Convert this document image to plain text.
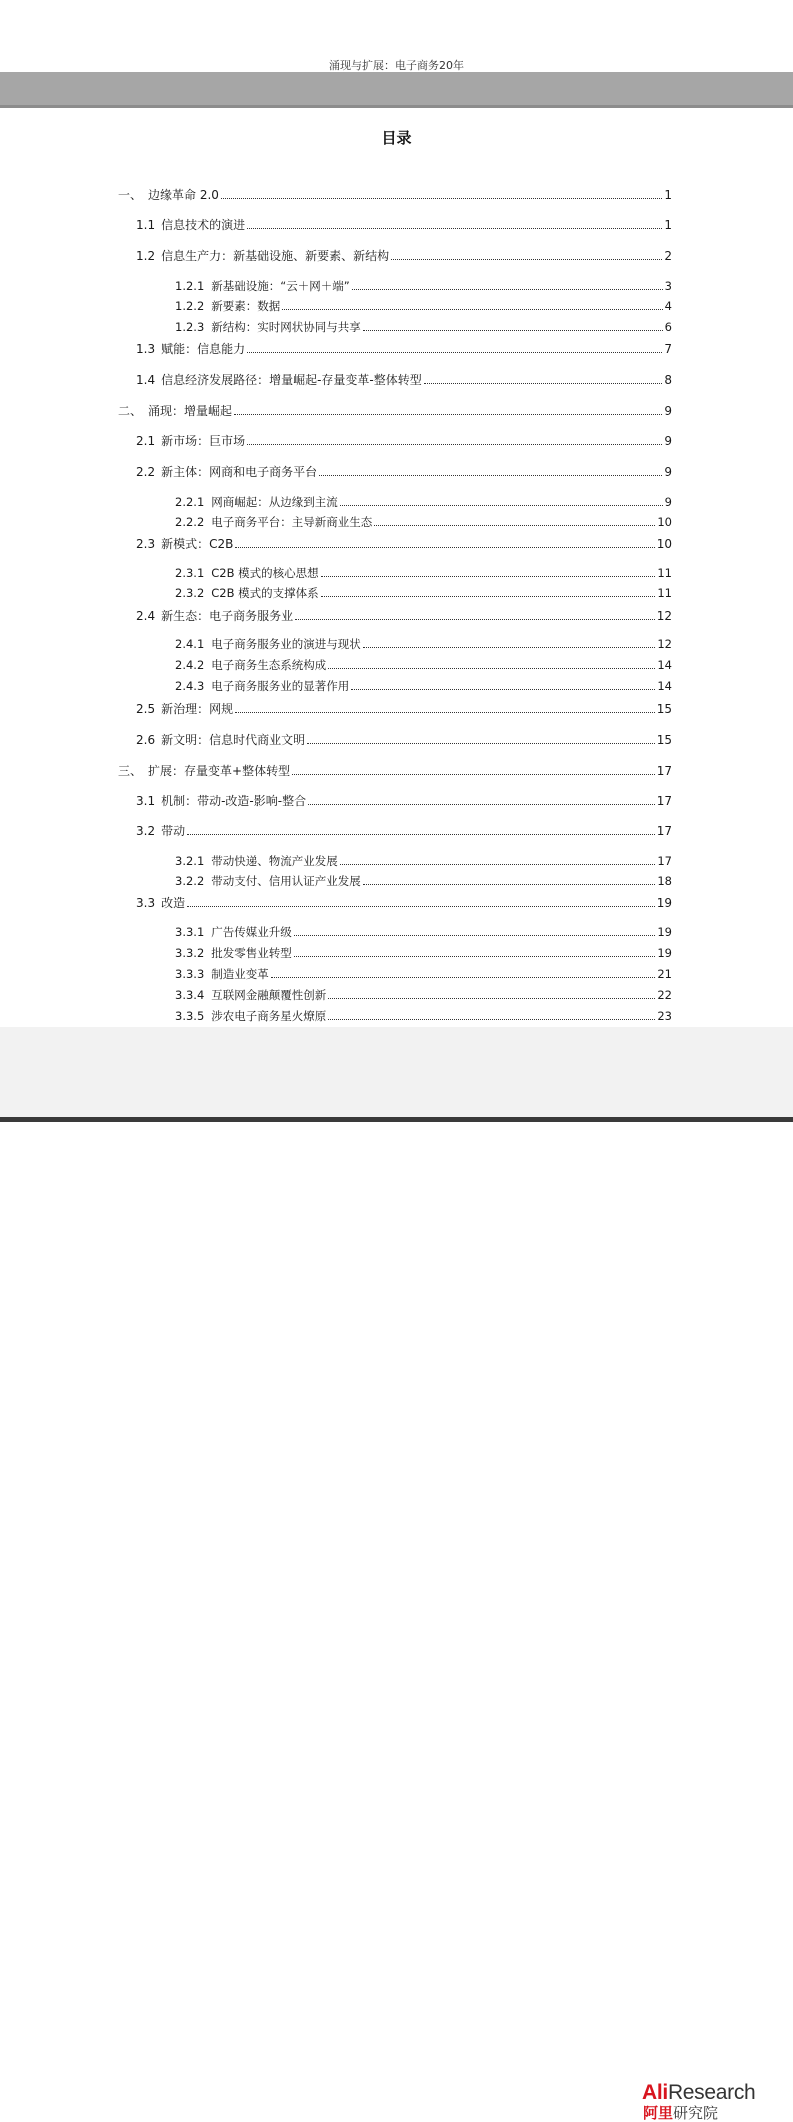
涌现与扩展：电子商务20年
目录
一、 边缘革命 2.0	1
1.1 信息技术的演进	1
1.2 信息生产力：新基础设施、新要素、新结构	2
1.2.1 新基础设施：“云＋网＋端”	3
1.2.2 新要素：数据	4
1.2.3 新结构：实时网状协同与共享	6
1.3 赋能：信息能力	7
1.4 信息经济发展路径：增量崛起-存量变革-整体转型	8
二、 涌现：增量崛起	9
2.1 新市场：巨市场	9
2.2 新主体：网商和电子商务平台	9
2.2.1 网商崛起：从边缘到主流	9
2.2.2 电子商务平台：主导新商业生态	10
2.3 新模式：C2B	10
2.3.1 C2B 模式的核心思想	11
2.3.2 C2B 模式的支撑体系	11
2.4 新生态：电子商务服务业	12
2.4.1 电子商务服务业的演进与现状	12
2.4.2 电子商务生态系统构成	14
2.4.3 电子商务服务业的显著作用	14
2.5 新治理：网规	15
2.6 新文明：信息时代商业文明	15
三、 扩展：存量变革+整体转型	17
3.1 机制：带动-改造-影响-整合	17
3.2 带动	17
3.2.1 带动快递、物流产业发展	17
3.2.2 带动支付、信用认证产业发展	18
3.3 改造	19
3.3.1 广告传媒业升级	19
3.3.2 批发零售业转型	19
3.3.3 制造业变革	21
3.3.4 互联网金融颠覆性创新	22
3.3.5 涉农电子商务星火燎原	23
AliResearch
阿里研究院
